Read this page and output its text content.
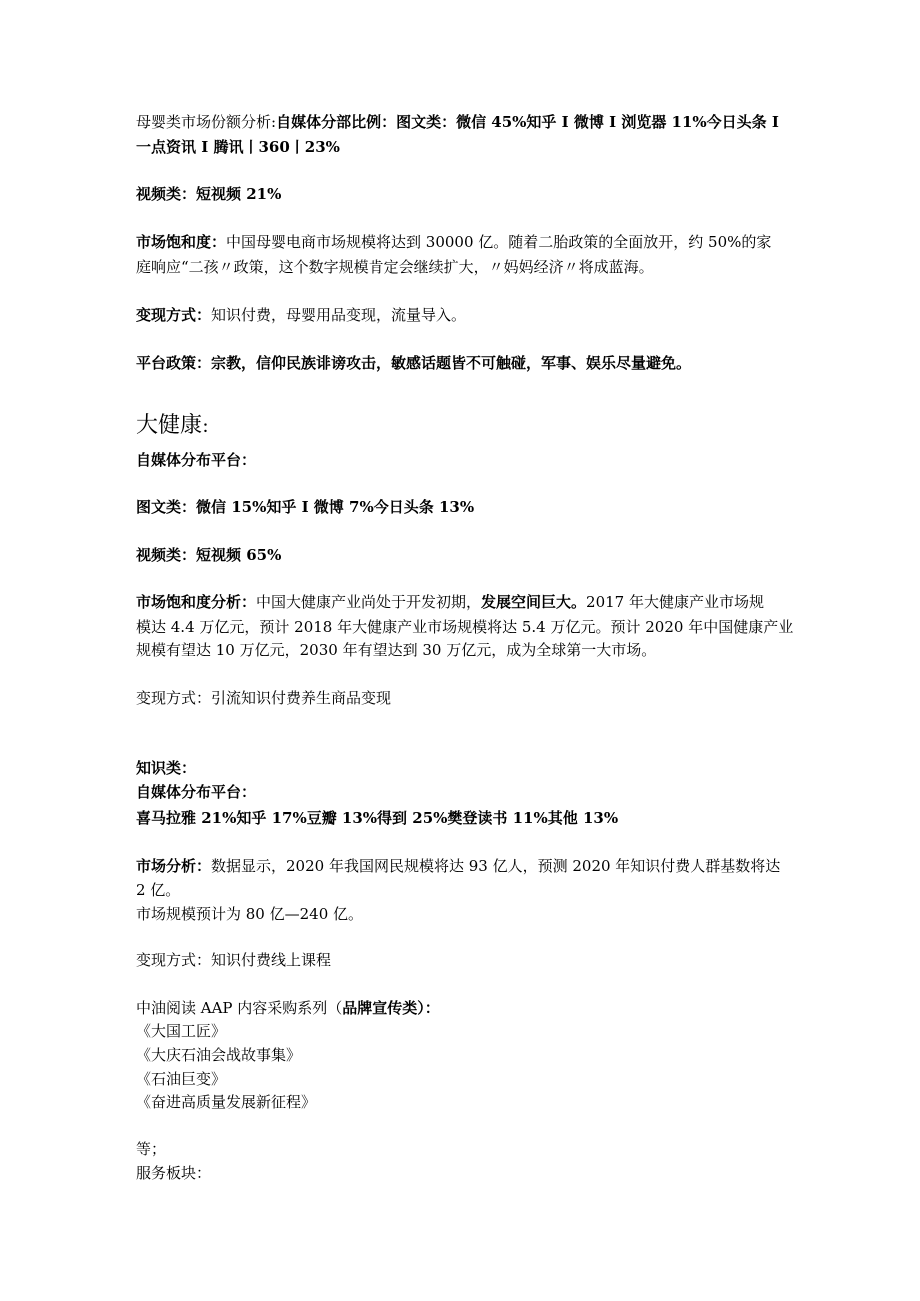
母婴类市场份额分析:自媒体分部比例：图文类：微信 45%知乎 I 微博 I 浏览器 11%今日头条 I
一点资讯 I 腾讯丨360丨23%
视频类：短视频 21%
市场饱和度：中国母婴电商市场规模将达到 30000 亿。随着二胎政策的全面放开，约 50%的家
庭响应“二孩〃政策，这个数字规模肯定会继续扩大，〃妈妈经济〃将成蓝海。
变现方式：知识付费，母婴用品变现，流量导入。
平台政策：宗教，信仰民族诽谤攻击，敏感话题皆不可触碰，军事、娱乐尽量避免。
大健康：
自媒体分布平台：
图文类：微信 15%知乎 I 微博 7%今日头条 13%
视频类：短视频 65%
市场饱和度分析：中国大健康产业尚处于开发初期，发展空间巨大。2017 年大健康产业市场规
模达 4.4 万亿元，预计 2018 年大健康产业市场规模将达 5.4 万亿元。预计 2020 年中国健康产业
规模有望达 10 万亿元，2030 年有望达到 30 万亿元，成为全球第一大市场。
变现方式：引流知识付费养生商品变现
知识类：
自媒体分布平台：
喜马拉雅 21%知乎 17%豆瓣 13%得到 25%樊登读书 11%其他 13%
市场分析：数据显示，2020 年我国网民规模将达 93 亿人，预测 2020 年知识付费人群基数将达
2 亿。
市场规模预计为 80 亿—240 亿。
变现方式：知识付费线上课程
中油阅读 AAP 内容采购系列（品牌宣传类）：
《大国工匠》
《大庆石油会战故事集》
《石油巨变》
《奋进高质量发展新征程》
等；
服务板块：
